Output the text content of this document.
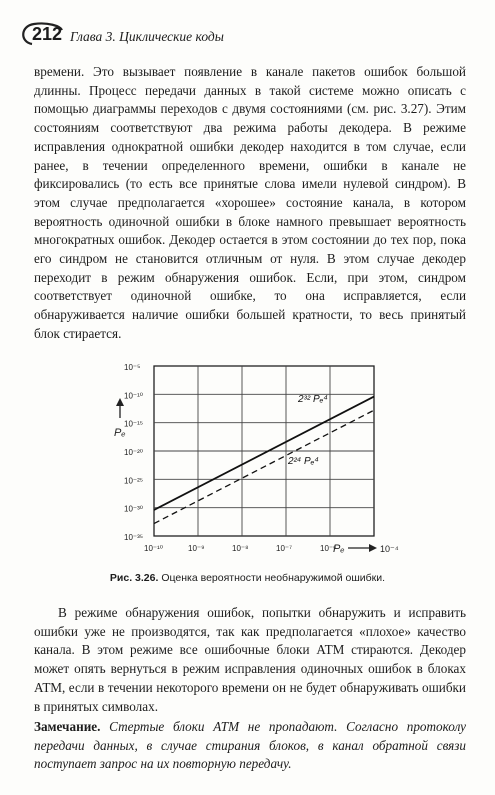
212 Глава 3. Циклические коды

времени. Это вызывает появление в канале пакетов ошибок большой длинны. Процесс передачи данных в такой системе можно описать с помощью диаграммы переходов с двумя состояниями (см. рис. 3.27). Этим состояниям соответствуют два режима работы декодера. В режиме исправления однократной ошибки декодер находится в том случае, если ранее, в течении определенного времени, ошибки в канале не фиксировались (то есть все принятые слова имели нулевой синдром). В этом случае предполагается «хорошее» состояние канала, в котором вероятность одиночной ошибки в блоке намного превышает вероятность многократных ошибок. Декодер остается в этом состоянии до тех пор, пока его синдром не становится отличным от нуля. В этом случае декодер переходит в режим обнаружения ошибок. Если, при этом, синдром соответствует одиночной ошибке, то она исправляется, если обнаруживается наличие ошибки большей кратности, то весь принятый блок стирается.

10⁻⁵
10⁻¹⁰
10⁻¹⁵
10⁻²⁰
10⁻²⁵
10⁻³⁰
10⁻³⁵
10⁻¹⁰	10⁻⁹	10⁻⁸	10⁻⁷	10⁻⁶
2³² Pₑ⁴
2²⁴ Pₑ⁴
Pₑ
Pₑ	10⁻⁴
Рис. 3.26. Оценка вероятности необнаружимой ошибки.

В режиме обнаружения ошибок, попытки обнаружить и исправить ошибки уже не производятся, так как предполагается «плохое» качество канала. В этом режиме все ошибочные блоки АТМ стираются. Декодер может опять вернуться в режим исправления одиночных ошибок в блоках АТМ, если в течении некоторого времени он не будет обнаруживать ошибки в принятых символах.

Замечание. Стертые блоки АТМ не пропадают. Согласно протоколу передачи данных, в случае стирания блоков, в канал обратной связи поступает запрос на их повторную передачу.
